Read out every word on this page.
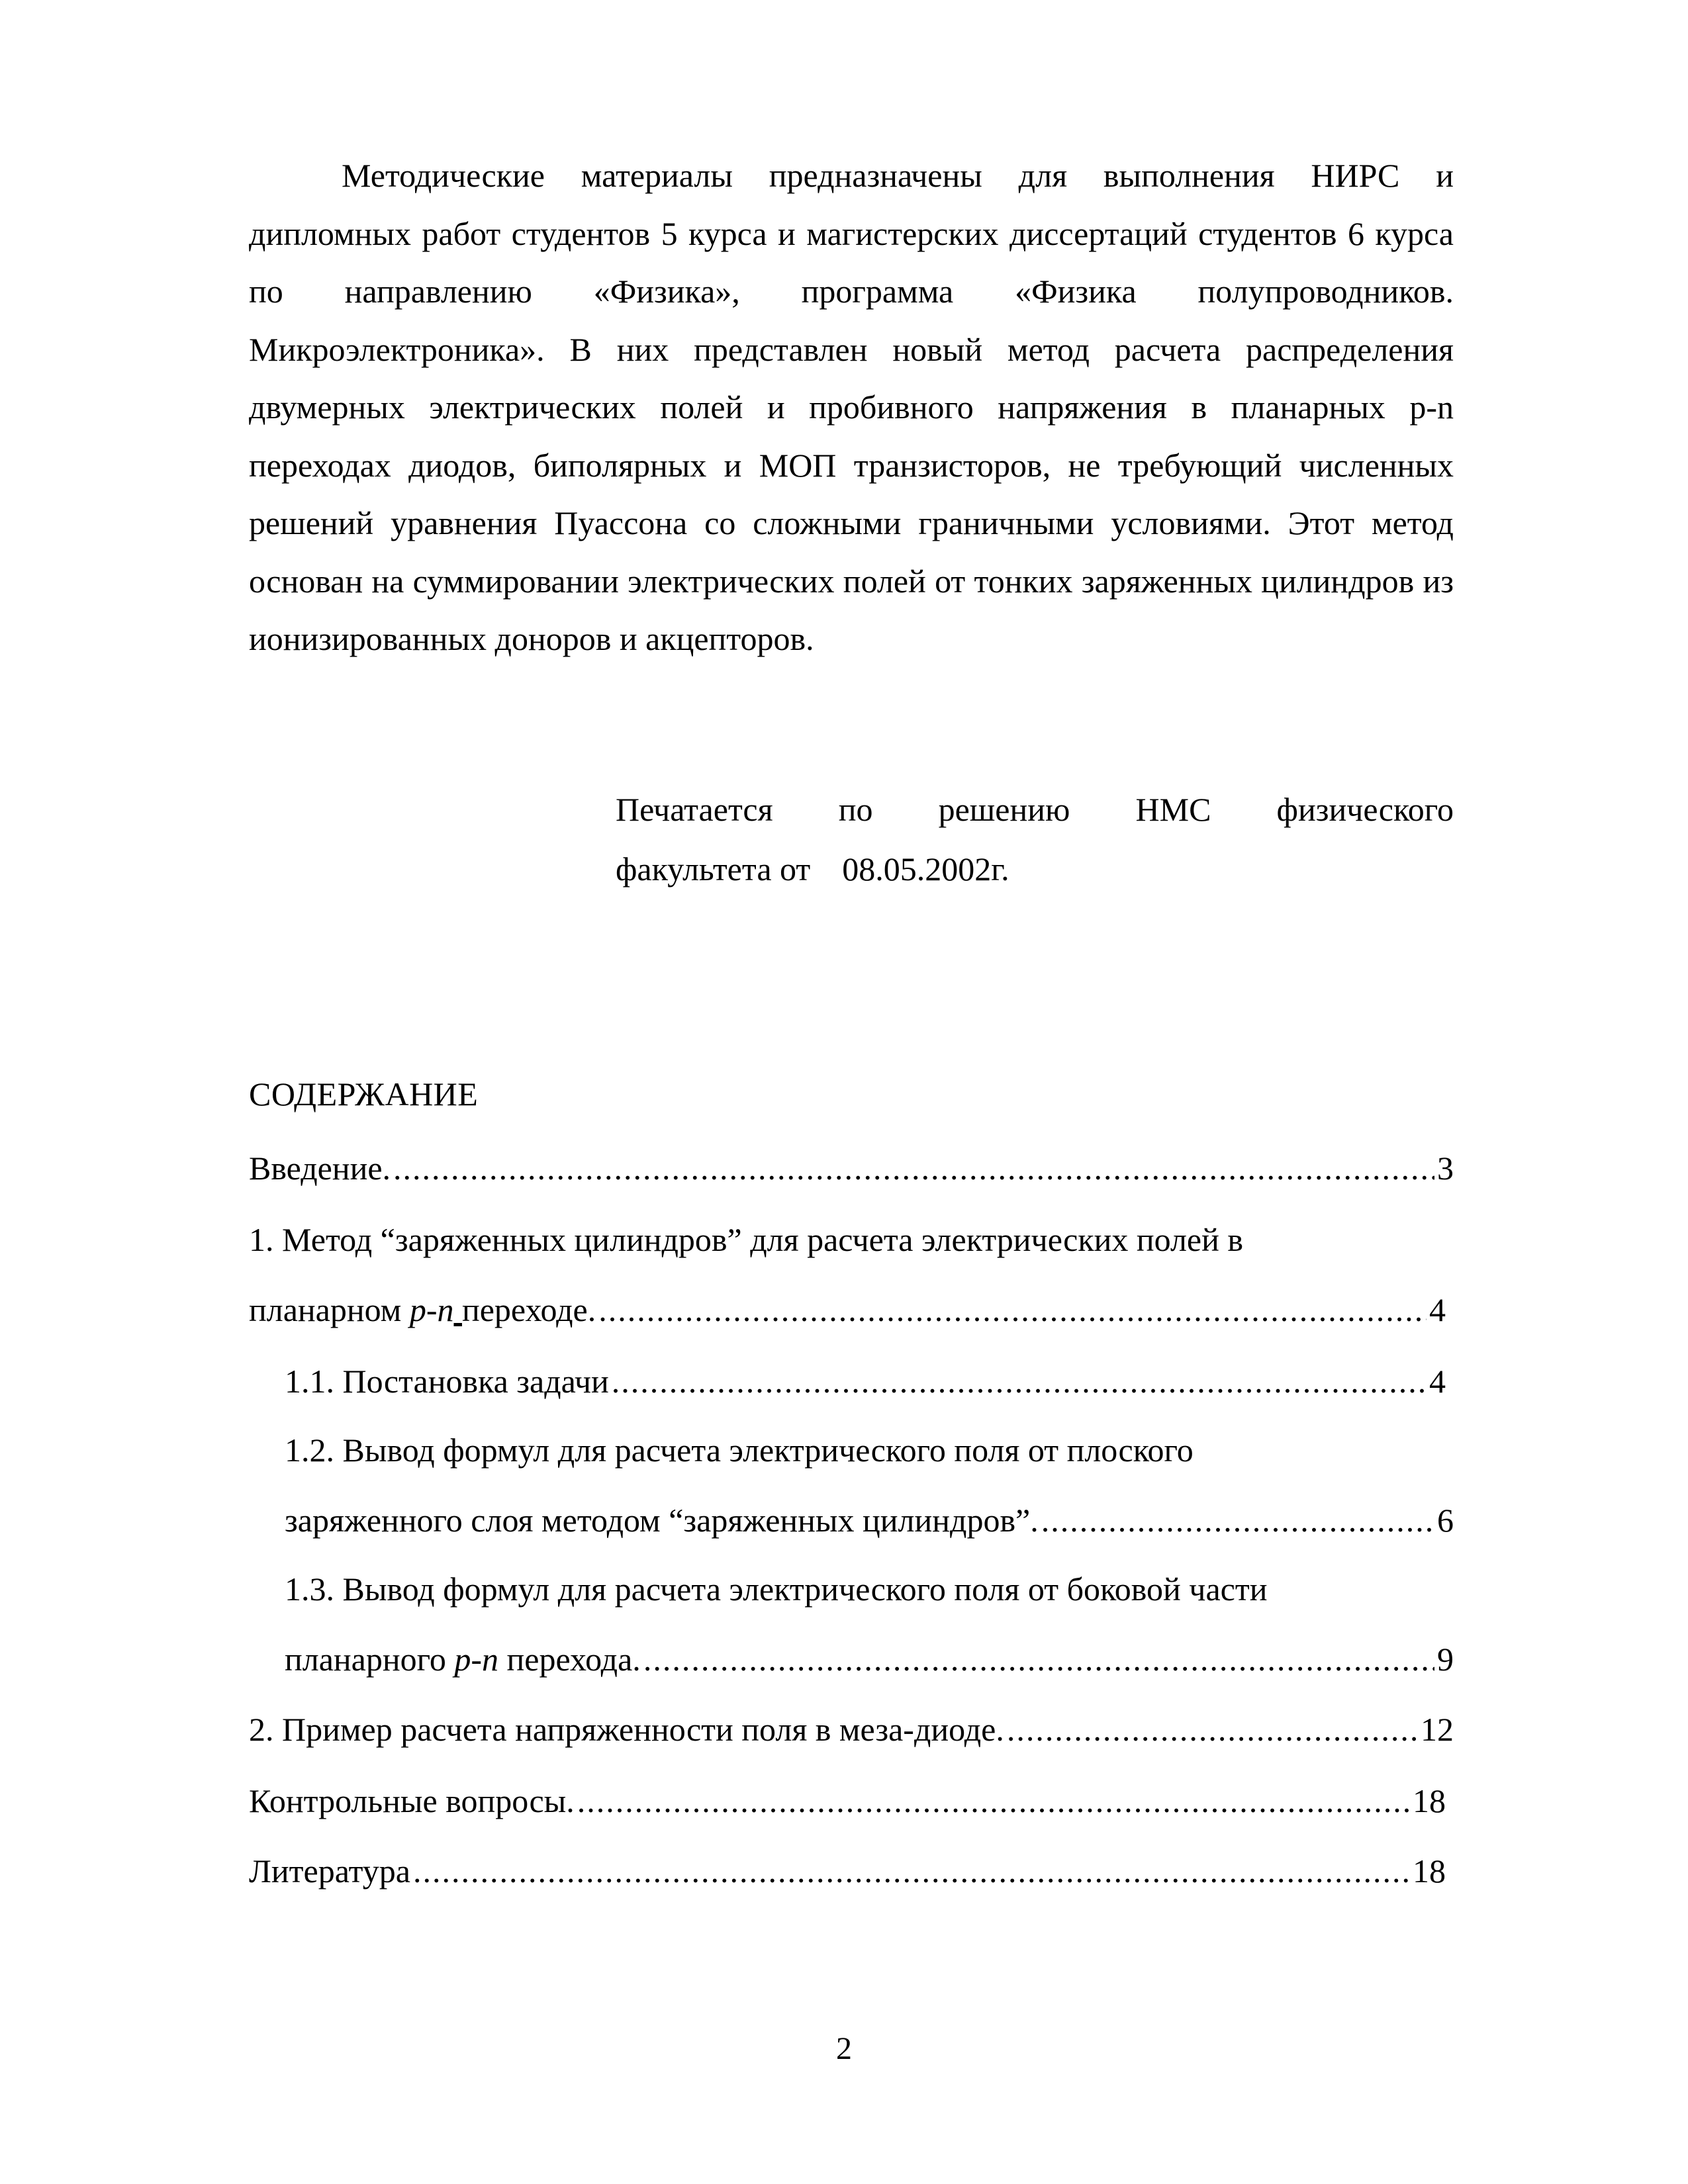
Методические материалы предназначены для выполнения НИРС и дипломных работ студентов 5 курса и магистерских диссертаций студентов 6 курса по направлению «Физика», программа «Физика полупроводников. Микроэлектроника». В них представлен новый метод расчета распределения двумерных электрических полей и пробивного напряжения в планарных p-n переходах диодов, биполярных и МОП транзисторов, не требующий численных решений уравнения Пуассона со сложными граничными условиями. Этот метод основан на суммировании электрических полей от тонких заряженных цилиндров из ионизированных доноров и акцепторов.

Печатается по решению НМС физического
факультета от 08.05.2002г.
СОДЕРЖАНИЕ
Введение. .....	3
1. Метод “заряженных цилиндров” для расчета электрических полей в
планарном p-n переходе. .....	4
1.1. Постановка задачи .....	4
1.2. Вывод формул для расчета электрического поля от плоского
заряженного слоя методом “заряженных цилиндров”. .....	6
1.3. Вывод формул для расчета электрического поля от боковой части
планарного p-n перехода. .....	9
2. Пример расчета напряженности поля в меза-диоде. .....	12
Контрольные вопросы. .....	18
Литература .....	18
2
